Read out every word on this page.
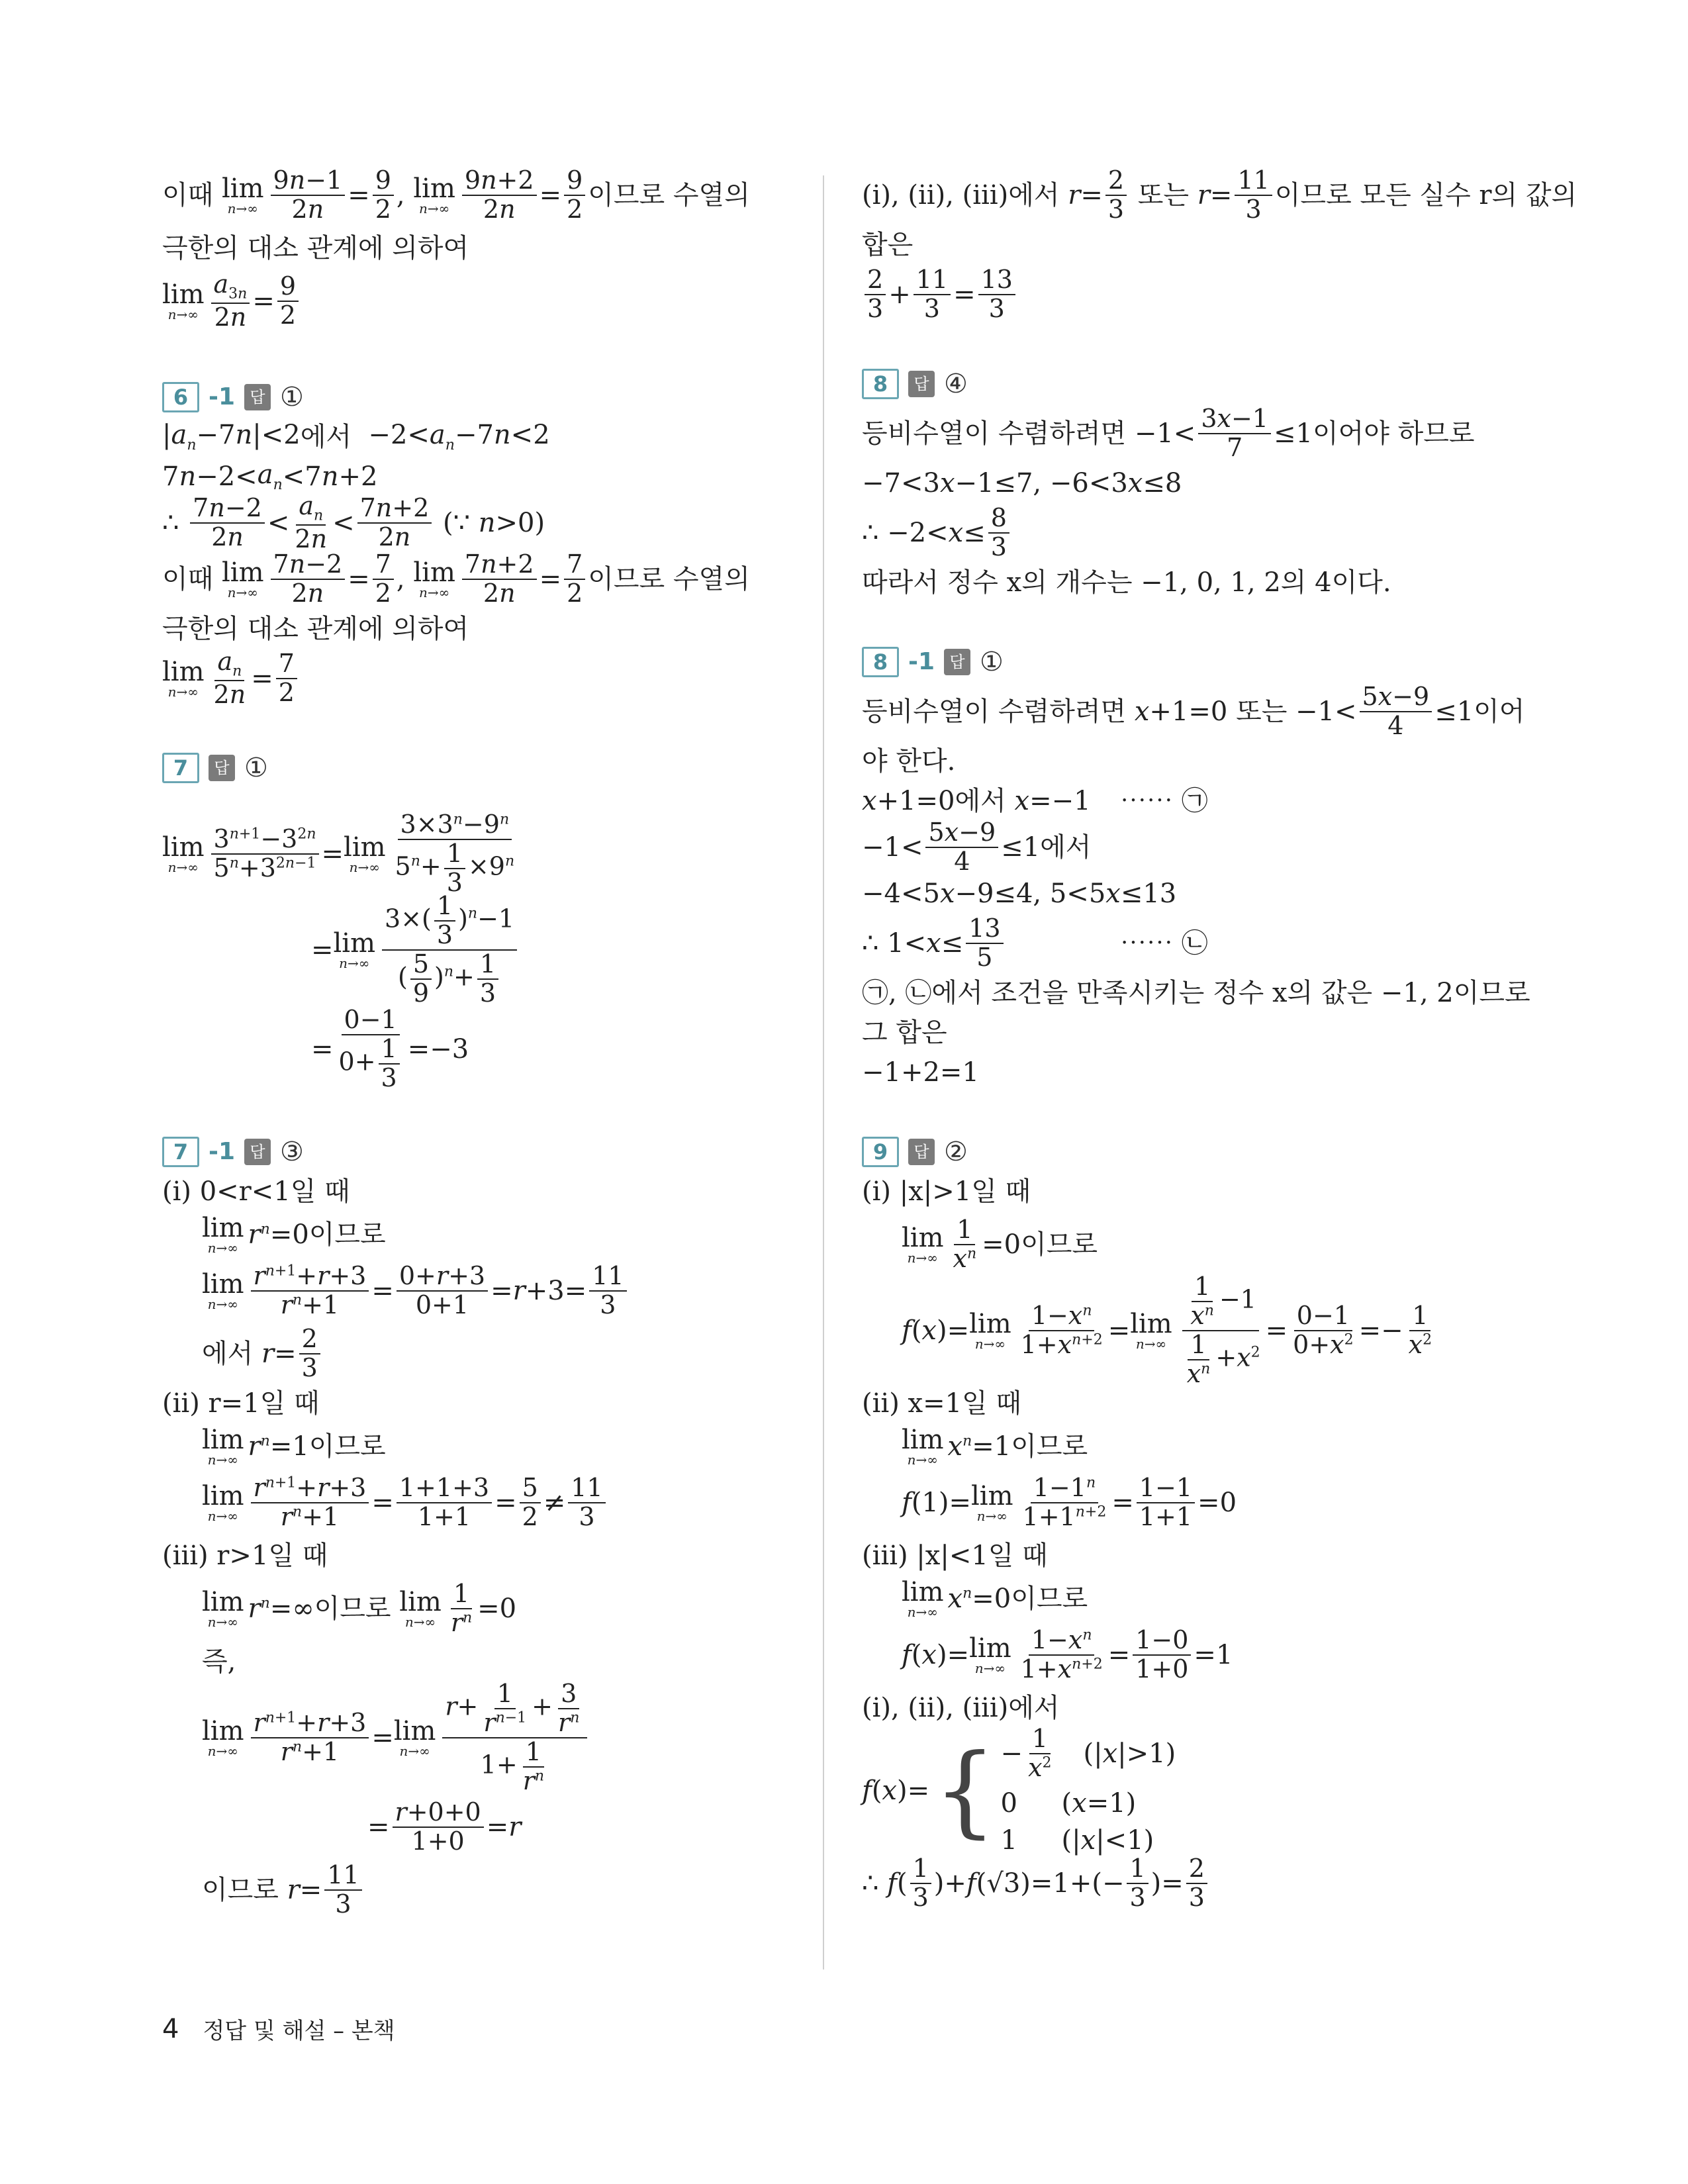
이때
lim
$n\to\infty \frac{9n-1}{2n} = \frac{9}{2}$ , lim
$n\to\infty \frac{9n+2}{2n} = \frac{9}{2}$ 이므로 수열의
극한의 대소 관계에 의하여
lim
$n\to\infty \frac{a_{3n}}{2n} = \frac{9}{2}$
6 -1 답 ①
$|a_n-7n|<2$ 에서
$-2<a_n-7n<2$
7 $n -2< a_n <7$ n +2
∴ $\frac{7n-2}{2n} < \frac{a_n}{2n} < \frac{7n+2}{2n}$ (∵ n >0)
이때
lim
$n\to\infty \frac{7n-2}{2n} = \frac{7}{2}$ , lim
$n\to\infty \frac{7n+2}{2n} = \frac{7}{2}$ 이므로 수열의
극한의 대소 관계에 의하여
lim
$n\to\infty \frac{a_n}{2n} = \frac{7}{2}$
7	답 ①
lim
$n\to\infty \frac{3^{n+1}-3^{2n}}{5^n+3^{2n-1}} = \lim$
$n\to\infty \frac{3\times 3^n-9^n}{5^n+ \frac{1}{3} \times 9^n}$
= lim
$n\to\infty \frac{3\times( \frac{1}{3} )^n-1}{( \frac{5}{9} )^n+ \frac{1}{3}}$
= $\frac{0-1}{0+ \frac{1}{3}} =-3$
7 -1 답 ③
(ⅰ) 0<r<1일 때
lim
n→∞ $r^n =0$이므로
lim
$n\to\infty \frac{r^{n+1}+r+3}{r^n+1} = \frac{0+r+3}{0+1} = r +3= \frac{11}{3}$
에서
$r = \frac{2}{3}$
(ⅱ) r=1일 때
lim
n→∞ $r^n =1$이므로
lim
$n\to\infty \frac{r^{n+1}+r+3}{r^n+1} = \frac{1+1+3}{1+1} = \frac{5}{2} \ne \frac{11}{3}$
(ⅲ) r>1일 때
lim
n→∞ $r^n$ =∞이므로
lim
$n\to\infty \frac{1}{r^n} =0$
즉,
lim
$n\to\infty \frac{r^{n+1}+r+3}{r^n+1} = \lim$
$n\to\infty \frac{r+ \frac{1}{r^{n-1}} + \frac{3}{r^n}}{1+ \frac{1}{r^n}}$
= $\frac{r+0+0}{1+0} = r$
이므로
$r = \frac{11}{3}$
(ⅰ), (ⅱ), (ⅲ)에서
$r = \frac{2}{3}$
또는
$r = \frac{11}{3}$ 이므로 모든 실수 r의 값의
합은
$\frac{2}{3} + \frac{11}{3} = \frac{13}{3}$
8	답 ④
등비수열이 수렴하려면 $-1< \frac{3x-1}{7} \le 1$ 이어야 하므로
−7<3 x −1≤7, −6<3 x ≤8
∴ $-2< x \le \frac{8}{3}$
따라서 정수 x의 개수는 −1, 0, 1, 2의 4이다.
8 -1 답 ①
등비수열이 수렴하려면
x +1=0 또는 $-1< \frac{5x-9}{4} \le 1$ 이어
야 한다.
x+1=0에서 x=−1	⋯⋯ ㉠
$-1< \frac{5x-9}{4} \le 1$에서
−4<5 x −9≤4, 5<5 x ≤13
∴ $1< x \le \frac{13}{5}$	⋯⋯ ㉡
㉠, ㉡에서 조건을 만족시키는 정수 x의 값은 −1, 2이므로
그 합은
−1+2=1
9	답 ②
(ⅰ) |x|>1일 때
lim
$n\to\infty \frac{1}{x^n} =0$이므로
f ( x )= lim
$n\to\infty \frac{1-x^n}{1+x^{n+2}} = \lim$
$n\to\infty \frac{\frac{1}{x^n} -1}{\frac{1}{x^n} +x^2} = \frac{0-1}{0+x^2} =- \frac{1}{x^2}$
(ⅱ) x=1일 때
lim
n→∞ $x^n =1$이므로
f (1)= lim
$n\to\infty \frac{1-1^n}{1+1^{n+2}} = \frac{1-1}{1+1} =0$
(ⅲ) |x|<1일 때
lim
n→∞ $x^n =0$이므로
f ( x )= lim
$n\to\infty \frac{1-x^n}{1+x^{n+2}} = \frac{1-0}{1+0} =1$
(ⅰ), (ⅱ), (ⅲ)에서
f ( x )= { − $\frac{1}{x^2} (|x|>1)$
0	(x=1)
1	(|x|<1)
∴ f ( $\frac{1}{3}$ )+ f $(√3)=1+(- \frac{1}{3}$ )= $\frac{2}{3}$
4 정답 및 해설 – 본책
